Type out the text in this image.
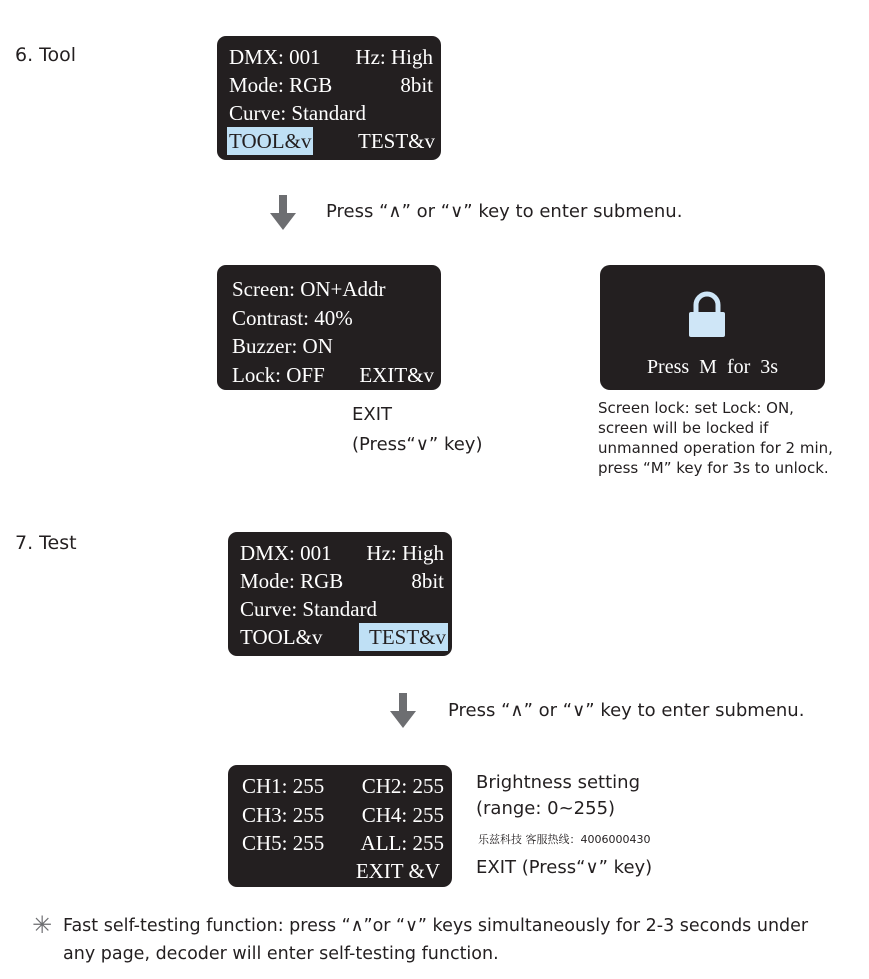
6. Tool	DMX: 001 Hz: High
Mode: RGB	8bit
Curve: Standard
TOOL&v TEST&v
Press “∧” or “∨” key to enter submenu.
Screen: ON+Addr
Contrast: 40%
Buzzer: ON
Lock: OFF EXIT&v
EXIT
(Press“∨” key)
Press  M  for  3s
Screen lock: set Lock: ON,
screen will be locked if
unmanned operation for 2 min,
press “M” key for 3s to unlock.
7. Test	DMX: 001 Hz: High
Mode: RGB	8bit
Curve: Standard
TOOL&v	TEST&v
Press “∧” or “∨” key to enter submenu.
CH1: 255 CH2: 255
CH3: 255 CH4: 255
CH5: 255 ALL: 255
EXIT &V
Brightness setting
(range: 0~255)
乐兹科技 客服热线：4006000430
EXIT (Press“∨” key)
✳ Fast self-testing function: press “∧”or “∨” keys simultaneously for 2-3 seconds under
any page, decoder will enter self-testing function.
